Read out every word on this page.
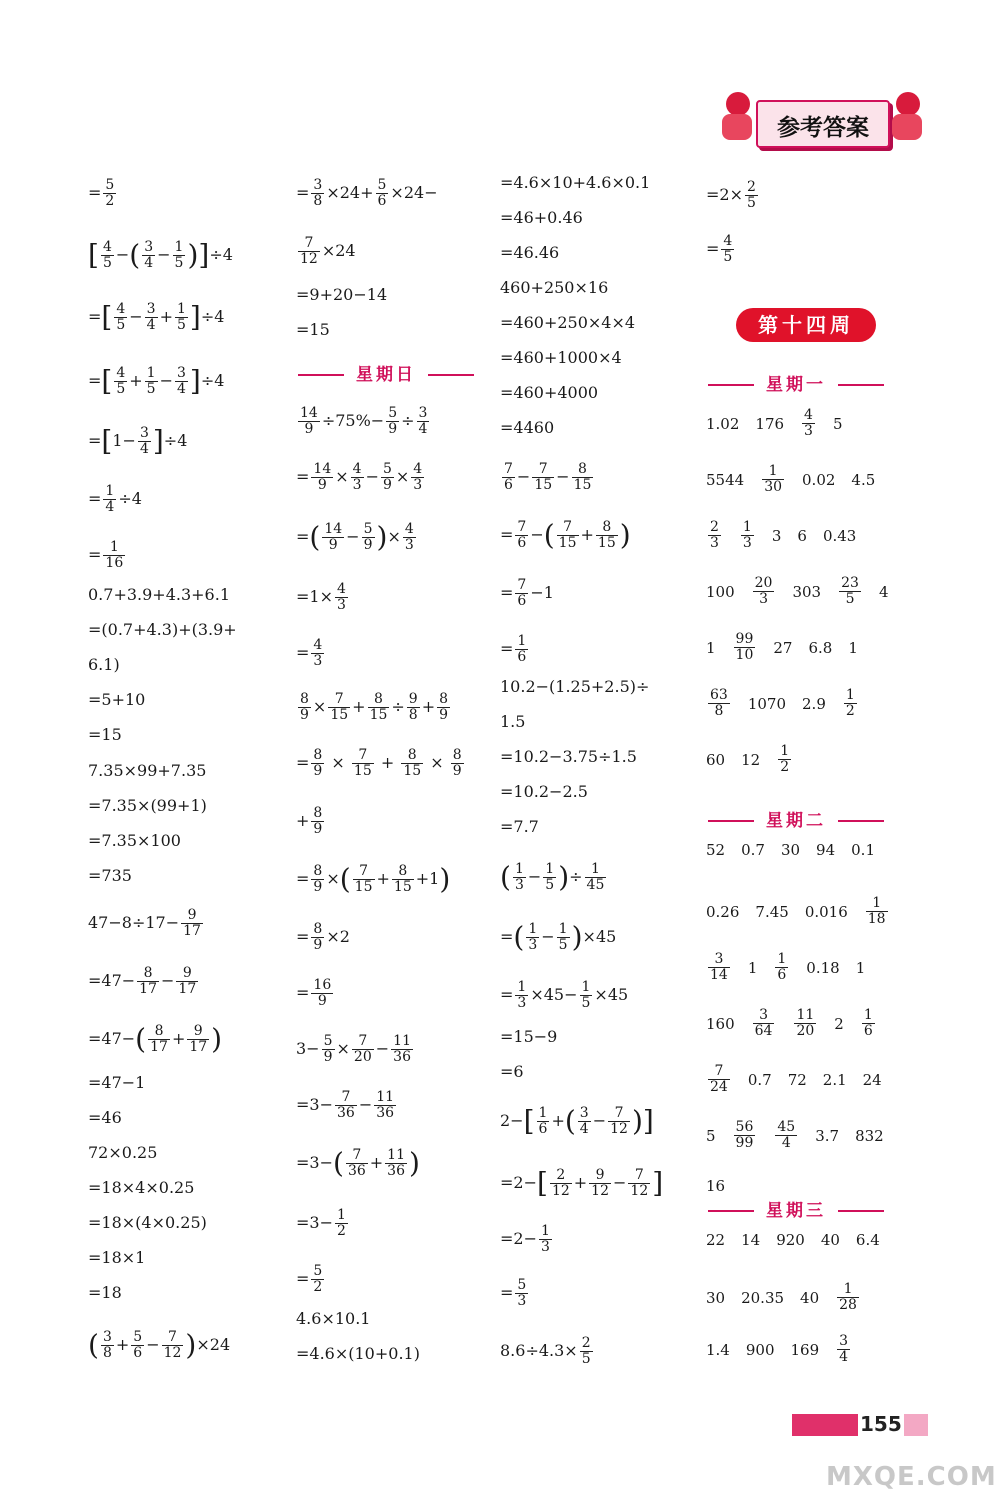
参考答案
= $\frac{5}{2}$
[ $\frac{4}{5}$ −( $\frac{3}{4} - \frac{1}{5} )]\div 4$
=[ $\frac{4}{5} - \frac{3}{4} + \frac{1}{5} ]\div 4$
=[ $\frac{4}{5} + \frac{1}{5} - \frac{3}{4} ]\div 4$
$=[1- \frac{3}{4} ]\div 4$
= $\frac{1}{4} \div 4$
= $\frac{1}{16}$
0.7+3.9+4.3+6.1
=(0.7+4.3)+(3.9+
6.1)
=5+10
=15
7.35×99+7.35
=7.35×(99+1)
=7.35×100
=735
$47-8\div 17- \frac{9}{17}$
$=47- \frac{8}{17} - \frac{9}{17}$
$=47-( \frac{8}{17} + \frac{9}{17}$ )
=47−1
=46
72×0.25
=18×4×0.25
=18×(4×0.25)
=18×1
=18
( $\frac{3}{8} + \frac{5}{6} - \frac{7}{12} )\times 24$
= $\frac{3}{8} \times 24+ \frac{5}{6} \times 24-$
$\frac{7}{12} \times 24$
=9+20−14
=15
星期日
$\frac{14}{9} \div 75\%- \frac{5}{9} \div \frac{3}{4}$
= $\frac{14}{9} \times \frac{4}{3} - \frac{5}{9} \times \frac{4}{3}$
=( $\frac{14}{9} - \frac{5}{9}$ )× $\frac{4}{3}$
$=1\times \frac{4}{3}$
= $\frac{4}{3}$
$\frac{8}{9} \times \frac{7}{15} + \frac{8}{15} \div \frac{9}{8} + \frac{8}{9}$
= $\frac{8}{9} \times \frac{7}{15} + \frac{8}{15} \times \frac{8}{9}$
+ $\frac{8}{9}$
= $\frac{8}{9}$ ×( $\frac{7}{15} + \frac{8}{15} +1$)
= $\frac{8}{9} \times 2$
= $\frac{16}{9}$
$3- \frac{5}{9} \times \frac{7}{20} - \frac{11}{36}$
$=3- \frac{7}{36} - \frac{11}{36}$
$=3-( \frac{7}{36} + \frac{11}{36}$ )
$=3- \frac{1}{2}$
= $\frac{5}{2}$
4.6×10.1
=4.6×(10+0.1)
=4.6×10+4.6×0.1
=46+0.46
=46.46
460+250×16
=460+250×4×4
=460+1000×4
=460+4000
=4460
$\frac{7}{6} - \frac{7}{15} - \frac{8}{15}$
= $\frac{7}{6}$ −( $\frac{7}{15} + \frac{8}{15}$ )
= $\frac{7}{6} -1$
= $\frac{1}{6}$
10.2−(1.25+2.5)÷
1.5
=10.2−3.75÷1.5
=10.2−2.5
=7.7
( $\frac{1}{3} - \frac{1}{5}$ )÷ $\frac{1}{45}$
=( $\frac{1}{3} - \frac{1}{5} )\times 45$
= $\frac{1}{3} \times 45- \frac{1}{5} \times 45$
=15−9
=6
$2-[ \frac{1}{6}$ +( $\frac{3}{4} - \frac{7}{12}$ )]
$=2-[ \frac{2}{12} + \frac{9}{12} - \frac{7}{12}$ ]
$=2- \frac{1}{3}$
= $\frac{5}{3}$
$8.6\div 4.3\times \frac{2}{5}$
$=2\times \frac{2}{5}$
= $\frac{4}{5}$
第十四周
星期一
1.02 $176 \frac{4}{3} 5$
$5544 \frac{1}{30} 0.02$ 4.5
$\frac{2}{3} \frac{1}{3} 3$ 6 0.43
$100 \frac{20}{3} 303 \frac{23}{5} 4$
$1 \frac{99}{10} 27$ 6.8 1
$\frac{63}{8} 1070$ $2.9 \frac{1}{2}$
60 $12 \frac{1}{2}$
星期二
52 0.7 30 94 0.1
0.26 7.45 $0.016 \frac{1}{18}$
$\frac{3}{14} 1 \frac{1}{6} 0.18$ 1
$160 \frac{3}{64} \frac{11}{20} 2 \frac{1}{6}$
$\frac{7}{24} 0.7$ 72 2.1 24
$5 \frac{56}{99} \frac{45}{4} 3.7$ 832
16
星期三
22 14 920 40 6.4
30 20.35 $40 \frac{1}{28}$
1.4 900 $169 \frac{3}{4}$
155
MXQE.COM
